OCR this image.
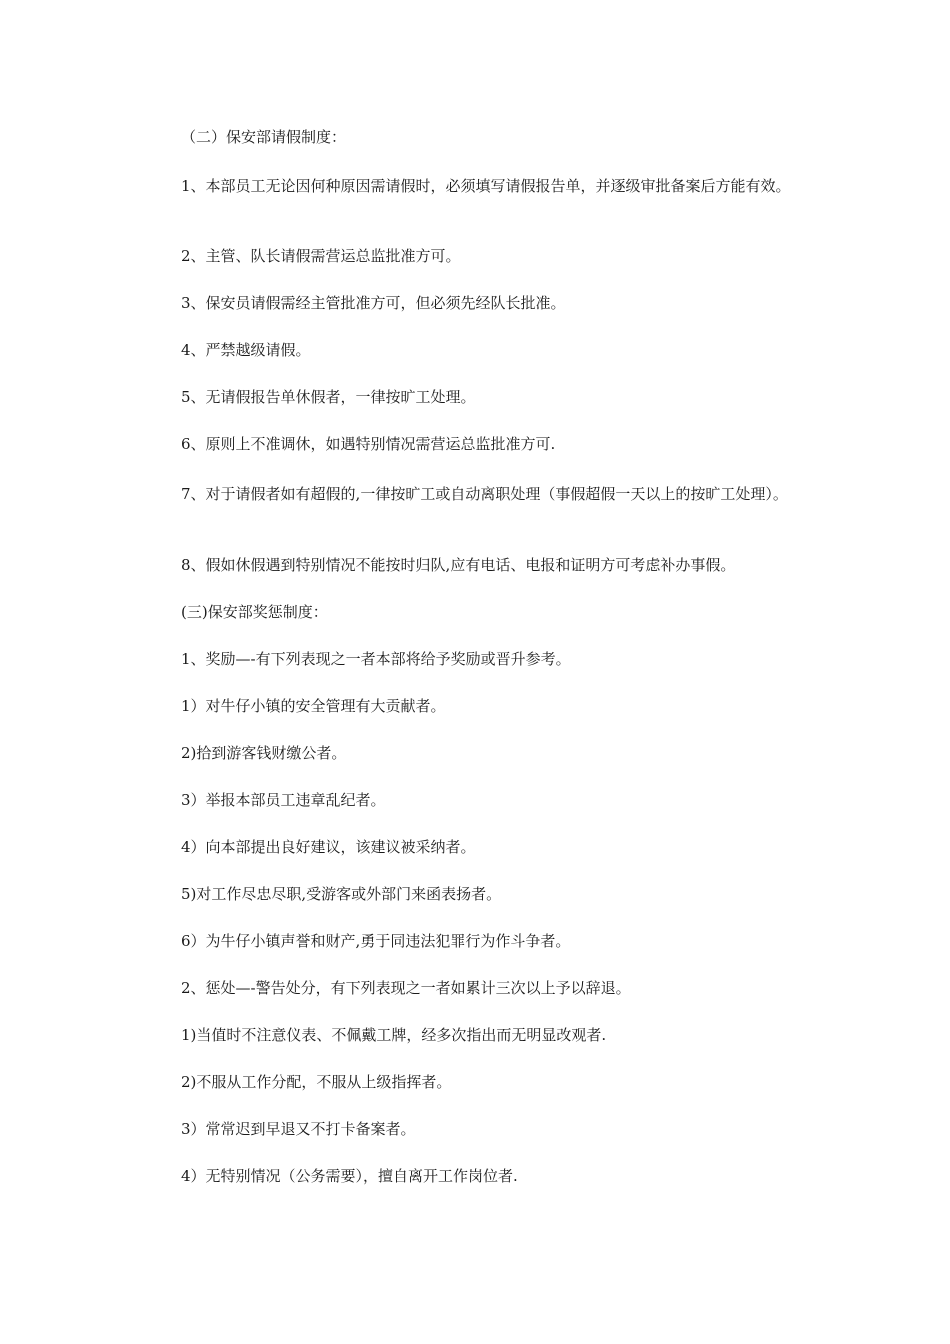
（二）保安部请假制度：

1、本部员工无论因何种原因需请假时，必须填写请假报告单，并逐级审批备案后方能有效。

2、主管、队长请假需营运总监批准方可。

3、保安员请假需经主管批准方可，但必须先经队长批准。

4、严禁越级请假。

5、无请假报告单休假者，一律按旷工处理。

6、原则上不准调休，如遇特别情况需营运总监批准方可.

7、对于请假者如有超假的,一律按旷工或自动离职处理（事假超假一天以上的按旷工处理）。

8、假如休假遇到特别情况不能按时归队,应有电话、电报和证明方可考虑补办事假。

(三)保安部奖惩制度：

1、奖励—-有下列表现之一者本部将给予奖励或晋升参考。

1）对牛仔小镇的安全管理有大贡献者。

2)拾到游客钱财缴公者。

3）举报本部员工违章乱纪者。

4）向本部提出良好建议，该建议被采纳者。

5)对工作尽忠尽职,受游客或外部门来函表扬者。

6）为牛仔小镇声誉和财产,勇于同违法犯罪行为作斗争者。

2、惩处—-警告处分，有下列表现之一者如累计三次以上予以辞退。

1)当值时不注意仪表、不佩戴工牌，经多次指出而无明显改观者.

2)不服从工作分配，不服从上级指挥者。

3）常常迟到早退又不打卡备案者。

4）无特别情况（公务需要），擅自离开工作岗位者.
